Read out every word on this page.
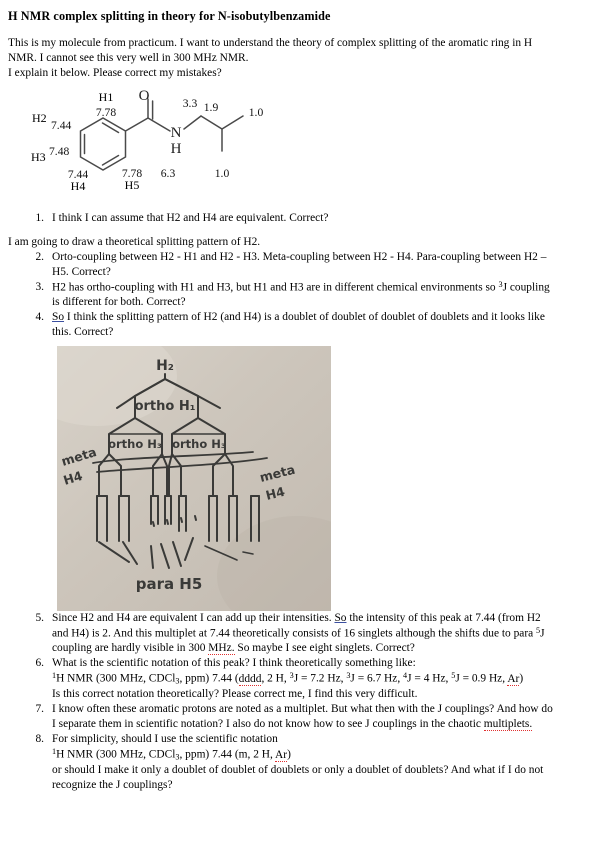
H NMR complex splitting in theory for N-isobutylbenzamide
This is my molecule from practicum. I want to understand the theory of complex splitting of the aromatic ring in H
NMR. I cannot see this very well in 300 MHz NMR.
I explain it below. Please correct my mistakes?
O
N
H
H1
H2
H3
H4	H5
7.78
7.44
7.48
7.44	7.78 6.3
3.3 1.9	1.0
1.0
1. I think I can assume that H2 and H4 are equivalent. Correct?
I am going to draw a theoretical splitting pattern of H2.
2. Orto-coupling between H2 - H1 and H2 - H3. Meta-coupling between H2 - H4. Para-coupling between H2 –
H5. Correct?
3. H2 has ortho-coupling with H1 and H3, but H1 and H3 are in different chemical environments so $^3$J coupling
is different for both. Correct?
4. So I think the splitting pattern of H2 (and H4) is a doublet of doublet of doublet of doublets and it looks like
this. Correct?
H₂
ortho H₁
ortho H₃ ortho H₃
meta
H4	meta
H4
para H5
5. Since H2 and H4 are equivalent I can add up their intensities. So the intensity of this peak at 7.44 (from H2
and H4) is 2. And this multiplet at 7.44 theoretically consists of 16 singlets although the shifts due to para $^5$J
coupling are hardly visible in 300 MHz. So maybe I see eight singlets. Correct?
6. What is the scientific notation of this peak? I think theoretically something like:
$^1$H NMR (300 MHz, CDCl$_3$, ppm) 7.44 (dddd, 2 H, $^3$J = 7.2 Hz, $^3$J = 6.7 Hz, $^4$J = 4 Hz, $^5$J = 0.9 Hz, Ar)
Is this correct notation theoretically? Please correct me, I find this very difficult.
7. I know often these aromatic protons are noted as a multiplet. But what then with the J couplings? And how do
I separate them in scientific notation? I also do not know how to see J couplings in the chaotic multiplets.
8. For simplicity, should I use the scientific notation
$^1$H NMR (300 MHz, CDCl$_3$, ppm) 7.44 (m, 2 H, Ar)
or should I make it only a doublet of doublet of doublets or only a doublet of doublets? And what if I do not
recognize the J couplings?
